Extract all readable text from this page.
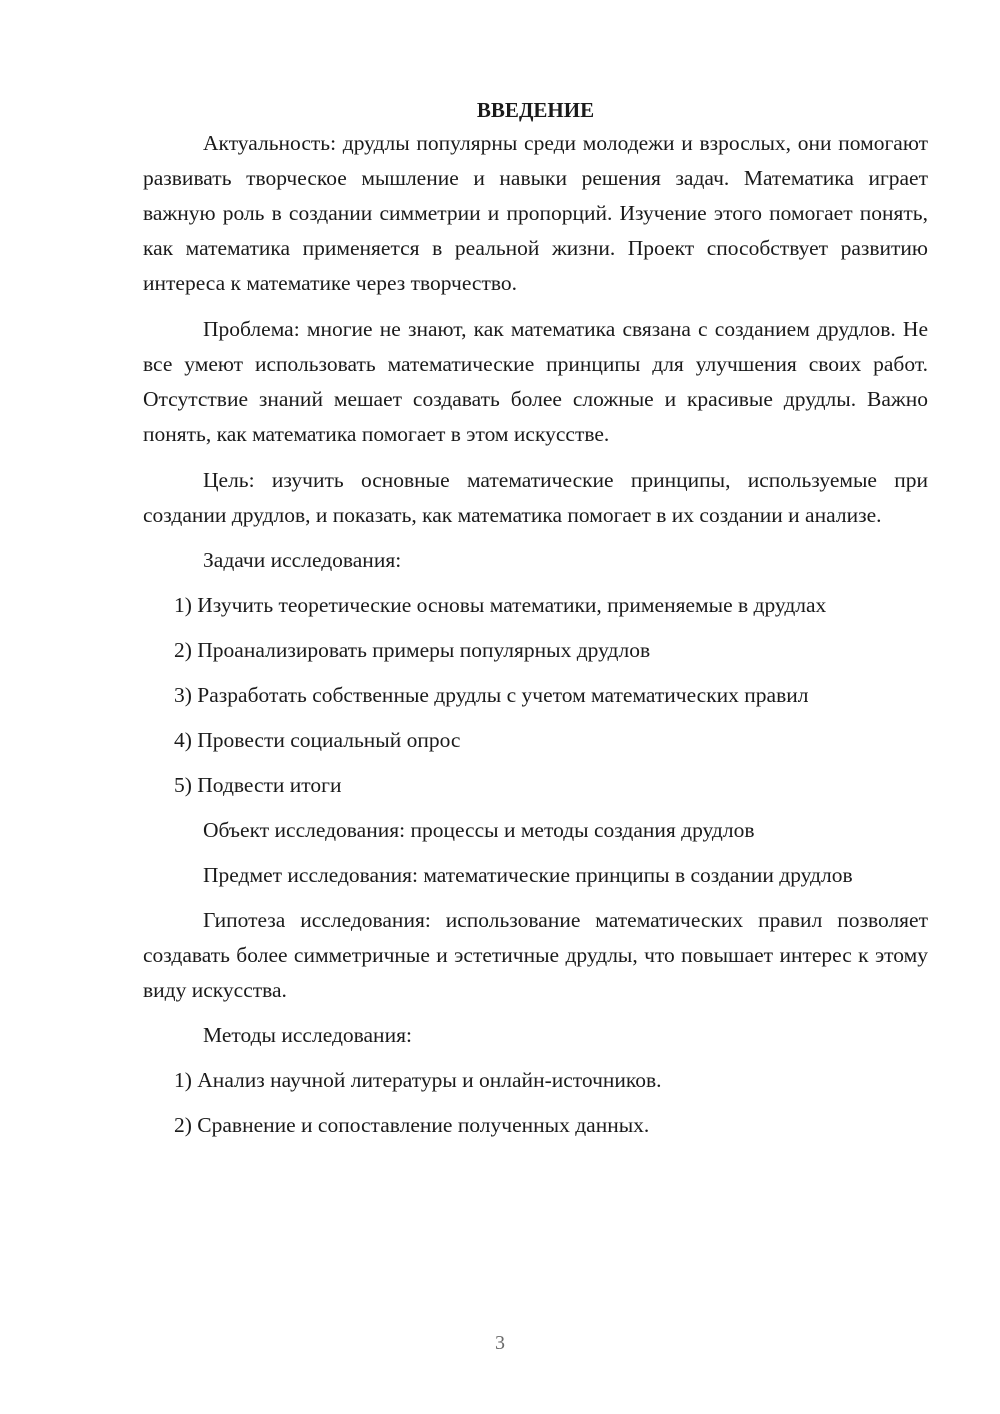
ВВЕДЕНИЕ

Актуальность: друдлы популярны среди молодежи и взрослых, они помогают развивать творческое мышление и навыки решения задач. Математика играет важную роль в создании симметрии и пропорций. Изучение этого помогает понять, как математика применяется в реальной жизни. Проект способствует развитию интереса к математике через творчество.

Проблема: многие не знают, как математика связана с созданием друдлов. Не все умеют использовать математические принципы для улучшения своих работ. Отсутствие знаний мешает создавать более сложные и красивые друдлы. Важно понять, как математика помогает в этом искусстве.

Цель: изучить основные математические принципы, используемые при создании друдлов, и показать, как математика помогает в их создании и анализе.

Задачи исследования:
1) Изучить теоретические основы математики, применяемые в друдлах
2) Проанализировать примеры популярных друдлов
3) Разработать собственные друдлы с учетом математических правил
4) Провести социальный опрос
5) Подвести итоги

Объект исследования: процессы и методы создания друдлов

Предмет исследования: математические принципы в создании друдлов

Гипотеза исследования: использование математических правил позволяет создавать более симметричные и эстетичные друдлы, что повышает интерес к этому виду искусства.

Методы исследования:
1) Анализ научной литературы и онлайн-источников.
2) Сравнение и сопоставление полученных данных.
3
